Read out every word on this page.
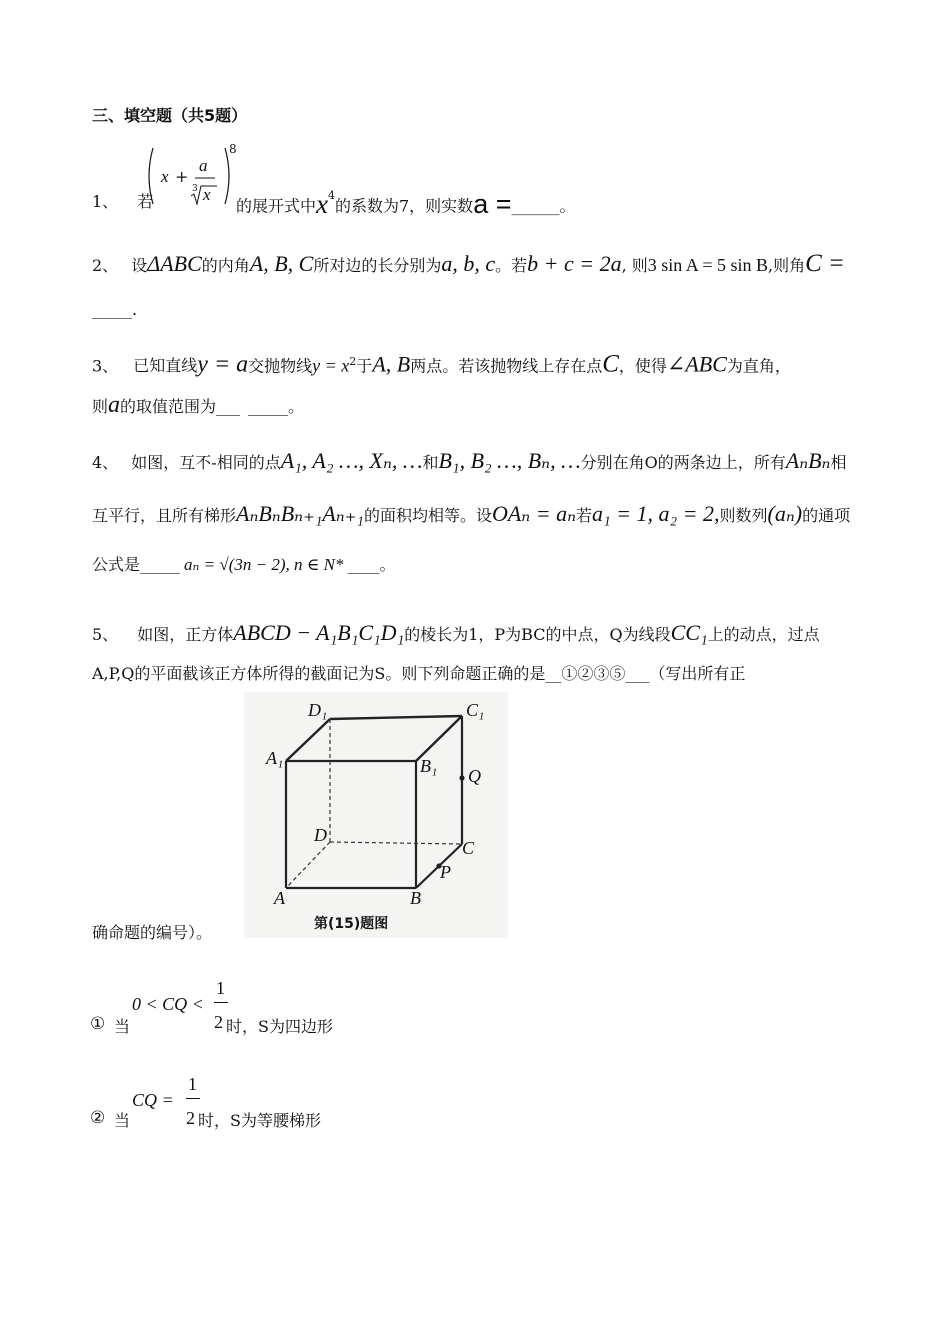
三、填空题（共5题）
1、 若
x +
a
3 x
8
的展开式中$x^4$的系数为7，则实数a =______。
2、 设ΔABC的内角A, B, C所对边的长分别为a, b, c。若b + c = 2a, 则3 sin A = 5 sin B,则角C =
_____.
3、 已知直线y = a交抛物线$y = x^2$于A, B两点。若该抛物线上存在点C，使得∠ABC为直角，
则a的取值范围为___ _____。
4、 如图，互不-相同的点A₁, A₂ …, Xₙ, …和B₁, B₂ …, Bₙ, …分别在角O的两条边上，所有AₙBₙ相
互平行，且所有梯形AₙBₙBₙ₊₁Aₙ₊₁的面积均相等。设OAₙ = aₙ若a₁ = 1, a₂ = 2,则数列(aₙ)的通项
公式是_____ aₙ = √(3n − 2), n ∈ N* ____。
5、 如图，正方体ABCD − A₁B₁C₁D₁的棱长为1，P为BC的中点，Q为线段CC₁上的动点，过点
A,P,Q的平面截该正方体所得的截面记为S。则下列命题正确的是__①②③⑤___（写出所有正
D₁	C₁
A₁	B₁ Q
D
C
A	B
P
第(15)题图
确命题的编号）。
① 当
0 < CQ <
1
2 时，S为四边形
② 当
CQ =
1
2 时，S为等腰梯形
